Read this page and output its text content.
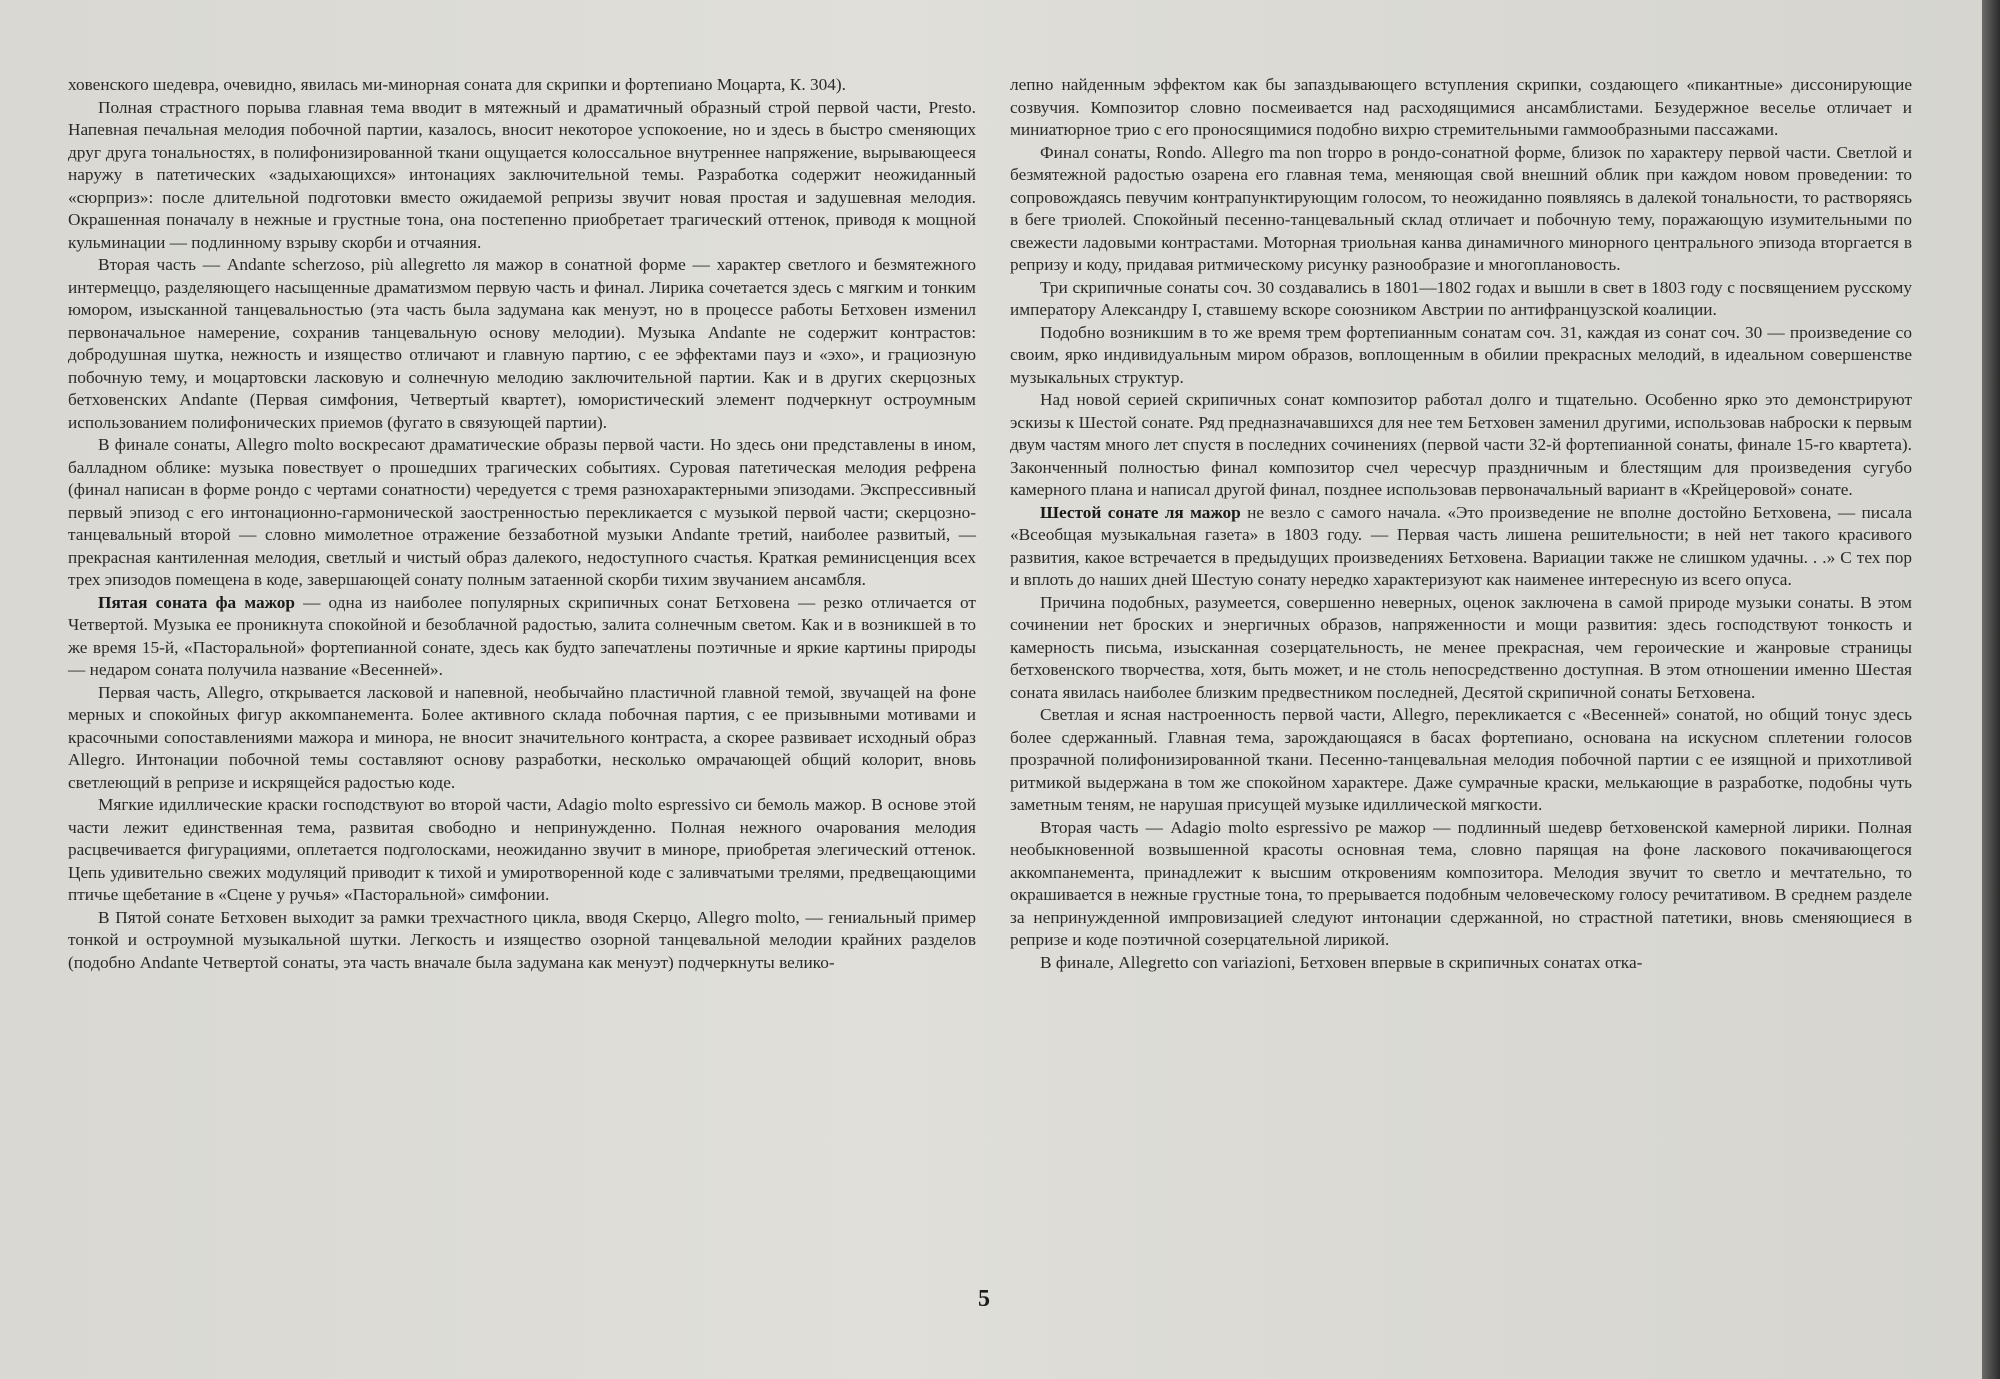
ховенского шедевра, очевидно, явилась ми-минорная соната для скрипки и фортепиано Моцарта, К. 304).

Полная страстного порыва главная тема вводит в мятежный и драматичный образный строй первой части, Presto. Напевная печальная мелодия побочной партии, казалось, вносит некоторое успокоение, но и здесь в быстро сменяющих друг друга тональностях, в полифонизированной ткани ощущается колоссальное внутреннее напряжение, вырывающееся наружу в патетических «задыхающихся» интонациях заключительной темы. Разработка содержит неожиданный «сюрприз»: после длительной подготовки вместо ожидаемой репризы звучит новая простая и задушевная мелодия. Окрашенная поначалу в нежные и грустные тона, она постепенно приобретает трагический оттенок, приводя к мощной кульминации — подлинному взрыву скорби и отчаяния.

Вторая часть — Andante scherzoso, più allegretto ля мажор в сонатной форме — характер светлого и безмятежного интермеццо, разделяющего насыщенные драматизмом первую часть и финал. Лирика сочетается здесь с мягким и тонким юмором, изысканной танцевальностью (эта часть была задумана как менуэт, но в процессе работы Бетховен изменил первоначальное намерение, сохранив танцевальную основу мелодии). Музыка Andante не содержит контрастов: добродушная шутка, нежность и изящество отличают и главную партию, с ее эффектами пауз и «эхо», и грациозную побочную тему, и моцартовски ласковую и солнечную мелодию заключительной партии. Как и в других скерцозных бетховенских Andante (Первая симфония, Четвертый квартет), юмористический элемент подчеркнут остроумным использованием полифонических приемов (фугато в связующей партии).

В финале сонаты, Allegro molto воскресают драматические образы первой части. Но здесь они представлены в ином, балладном облике: музыка повествует о прошедших трагических событиях. Суровая патетическая мелодия рефрена (финал написан в форме рондо с чертами сонатности) чередуется с тремя разнохарактерными эпизодами. Экспрессивный первый эпизод с его интонационно-гармонической заостренностью перекликается с музыкой первой части; скерцозно-танцевальный второй — словно мимолетное отражение беззаботной музыки Andante третий, наиболее развитый, — прекрасная кантиленная мелодия, светлый и чистый образ далекого, недоступного счастья. Краткая реминисценция всех трех эпизодов помещена в коде, завершающей сонату полным затаенной скорби тихим звучанием ансамбля.

Пятая соната фа мажор — одна из наиболее популярных скрипичных сонат Бетховена — резко отличается от Четвертой. Музыка ее проникнута спокойной и безоблачной радостью, залита солнечным светом. Как и в возникшей в то же время 15-й, «Пасторальной» фортепианной сонате, здесь как будто запечатлены поэтичные и яркие картины природы — недаром соната получила название «Весенней».

Первая часть, Allegro, открывается ласковой и напевной, необычайно пластичной главной темой, звучащей на фоне мерных и спокойных фигур аккомпанемента. Более активного склада побочная партия, с ее призывными мотивами и красочными сопоставлениями мажора и минора, не вносит значительного контраста, а скорее развивает исходный образ Allegro. Интонации побочной темы составляют основу разработки, несколько омрачающей общий колорит, вновь светлеющий в репризе и искрящейся радостью коде.

Мягкие идиллические краски господствуют во второй части, Adagio molto espressivo си бемоль мажор. В основе этой части лежит единственная тема, развитая свободно и непринужденно. Полная нежного очарования мелодия расцвечивается фигурациями, оплетается подголосками, неожиданно звучит в миноре, приобретая элегический оттенок. Цепь удивительно свежих модуляций приводит к тихой и умиротворенной коде с заливчатыми трелями, предвещающими птичье щебетание в «Сцене у ручья» «Пасторальной» симфонии.

В Пятой сонате Бетховен выходит за рамки трехчастного цикла, вводя Скерцо, Allegro molto, — гениальный пример тонкой и остроумной музыкальной шутки. Легкость и изящество озорной танцевальной мелодии крайних разделов (подобно Andante Четвертой сонаты, эта часть вначале была задумана как менуэт) подчеркнуты велико-

лепно найденным эффектом как бы запаздывающего вступления скрипки, создающего «пикантные» диссонирующие созвучия. Композитор словно посмеивается над расходящимися ансамблистами. Безудержное веселье отличает и миниатюрное трио с его проносящимися подобно вихрю стремительными гаммообразными пассажами.

Финал сонаты, Rondo. Allegro ma non troppo в рондо-сонатной форме, близок по характеру первой части. Светлой и безмятежной радостью озарена его главная тема, меняющая свой внешний облик при каждом новом проведении: то сопровождаясь певучим контрапунктирующим голосом, то неожиданно появляясь в далекой тональности, то растворяясь в беге триолей. Спокойный песенно-танцевальный склад отличает и побочную тему, поражающую изумительными по свежести ладовыми контрастами. Моторная триольная канва динамичного минорного центрального эпизода вторгается в репризу и коду, придавая ритмическому рисунку разнообразие и многоплановость.

Три скрипичные сонаты соч. 30 создавались в 1801—1802 годах и вышли в свет в 1803 году с посвящением русскому императору Александру I, ставшему вскоре союзником Австрии по антифранцузской коалиции.

Подобно возникшим в то же время трем фортепианным сонатам соч. 31, каждая из сонат соч. 30 — произведение со своим, ярко индивидуальным миром образов, воплощенным в обилии прекрасных мелодий, в идеальном совершенстве музыкальных структур.

Над новой серией скрипичных сонат композитор работал долго и тщательно. Особенно ярко это демонстрируют эскизы к Шестой сонате. Ряд предназначавшихся для нее тем Бетховен заменил другими, использовав наброски к первым двум частям много лет спустя в последних сочинениях (первой части 32-й фортепианной сонаты, финале 15-го квартета). Законченный полностью финал композитор счел чересчур праздничным и блестящим для произведения сугубо камерного плана и написал другой финал, позднее использовав первоначальный вариант в «Крейцеровой» сонате.

Шестой сонате ля мажор не везло с самого начала. «Это произведение не вполне достойно Бетховена, — писала «Всеобщая музыкальная газета» в 1803 году. — Первая часть лишена решительности; в ней нет такого красивого развития, какое встречается в предыдущих произведениях Бетховена. Вариации также не слишком удачны. . .» С тех пор и вплоть до наших дней Шестую сонату нередко характеризуют как наименее интересную из всего опуса.

Причина подобных, разумеется, совершенно неверных, оценок заключена в самой природе музыки сонаты. В этом сочинении нет броских и энергичных образов, напряженности и мощи развития: здесь господствуют тонкость и камерность письма, изысканная созерцательность, не менее прекрасная, чем героические и жанровые страницы бетховенского творчества, хотя, быть может, и не столь непосредственно доступная. В этом отношении именно Шестая соната явилась наиболее близким предвестником последней, Десятой скрипичной сонаты Бетховена.

Светлая и ясная настроенность первой части, Allegro, перекликается с «Весенней» сонатой, но общий тонус здесь более сдержанный. Главная тема, зарождающаяся в басах фортепиано, основана на искусном сплетении голосов прозрачной полифонизированной ткани. Песенно-танцевальная мелодия побочной партии с ее изящной и прихотливой ритмикой выдержана в том же спокойном характере. Даже сумрачные краски, мелькающие в разработке, подобны чуть заметным теням, не нарушая присущей музыке идиллической мягкости.

Вторая часть — Adagio molto espressivo ре мажор — подлинный шедевр бетховенской камерной лирики. Полная необыкновенной возвышенной красоты основная тема, словно парящая на фоне ласкового покачивающегося аккомпанемента, принадлежит к высшим откровениям композитора. Мелодия звучит то светло и мечтательно, то окрашивается в нежные грустные тона, то прерывается подобным человеческому голосу речитативом. В среднем разделе за непринужденной импровизацией следуют интонации сдержанной, но страстной патетики, вновь сменяющиеся в репризе и коде поэтичной созерцательной лирикой.

В финале, Allegretto con variazioni, Бетховен впервые в скрипичных сонатах отка-

5
